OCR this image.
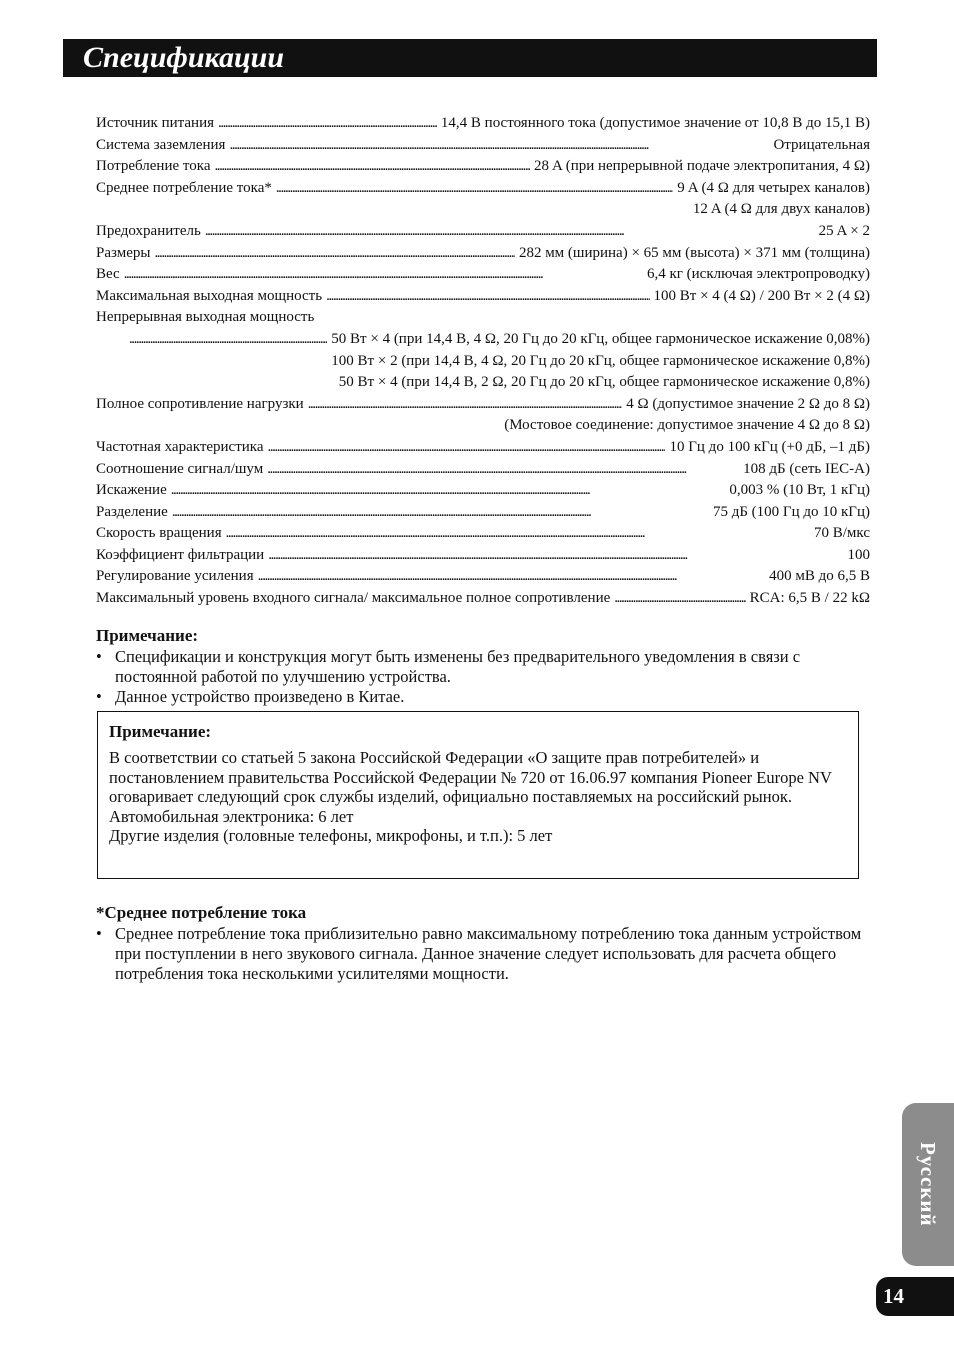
Спецификации
Источник питания . . .	14,4 В постоянного тока (допустимое значение от 10,8 В до 15,1 В)
Система заземления . . .	Отрицательная
Потребление тока . . .	28 A (при непрерывной подаче электропитания, 4 Ω)
Среднее потребление тока* . . .	9 A (4 Ω для четырех каналов)
12 A (4 Ω для двух каналов)
Предохранитель . . .	25 A × 2
Размеры . . .	282 мм (ширина) × 65 мм (высота) × 371 мм (толщина)
Вес . . .	6,4 кг (исключая электропроводку)
Максимальная выходная мощность . . .	100 Вт × 4 (4 Ω) / 200 Вт × 2 (4 Ω)
Непрерывная выходная мощность
. . .
50 Вт × 4 (при 14,4 В, 4 Ω, 20 Гц до 20 кГц, общее гармоническое искажение 0,08%)
100 Вт × 2 (при 14,4 В, 4 Ω, 20 Гц до 20 кГц, общее гармоническое искажение 0,8%)
50 Вт × 4 (при 14,4 В, 2 Ω, 20 Гц до 20 кГц, общее гармоническое искажение 0,8%)
Полное сопротивление нагрузки . . .	4 Ω (допустимое значение 2 Ω до 8 Ω)
(Мостовое соединение: допустимое значение 4 Ω до 8 Ω)
Частотная характеристика . . .	10 Гц до 100 кГц (+0 дБ, –1 дБ)
Соотношение сигнал/шум . . .	108 дБ (сеть IEC-A)
Искажение . . .	0,003 % (10 Вт, 1 кГц)
Разделение . . .	75 дБ (100 Гц до 10 кГц)
Скорость вращения . . .	70 В/мкс
Коэффициент фильтрации . . .	100
Регулирование усиления . . .	400 мВ до 6,5 В
Максимальный уровень входного сигнала/ максимальное полное сопротивление . . .	RCA: 6,5 В / 22 kΩ
Примечание:
• Спецификации и конструкция могут быть изменены без предварительного уведомления в связи с постоянной работой по улучшению устройства.
• Данное устройство произведено в Китае.
Примечание:
В соответствии со статьей 5 закона Российской Федерации «О защите прав потребителей» и постановлением правительства Российской Федерации № 720 от 16.06.97 компания Pioneer Europe NV оговаривает следующий срок службы изделий, официально поставляемых на российский рынок.
Автомобильная электроника: 6 лет
Другие изделия (головные телефоны, микрофоны, и т.п.): 5 лет
*Среднее потребление тока
• Среднее потребление тока приблизительно равно максимальному потреблению тока данным устройством при поступлении в него звукового сигнала. Данное значение следует использовать для расчета общего потребления тока несколькими усилителями мощности.
Русский
14
